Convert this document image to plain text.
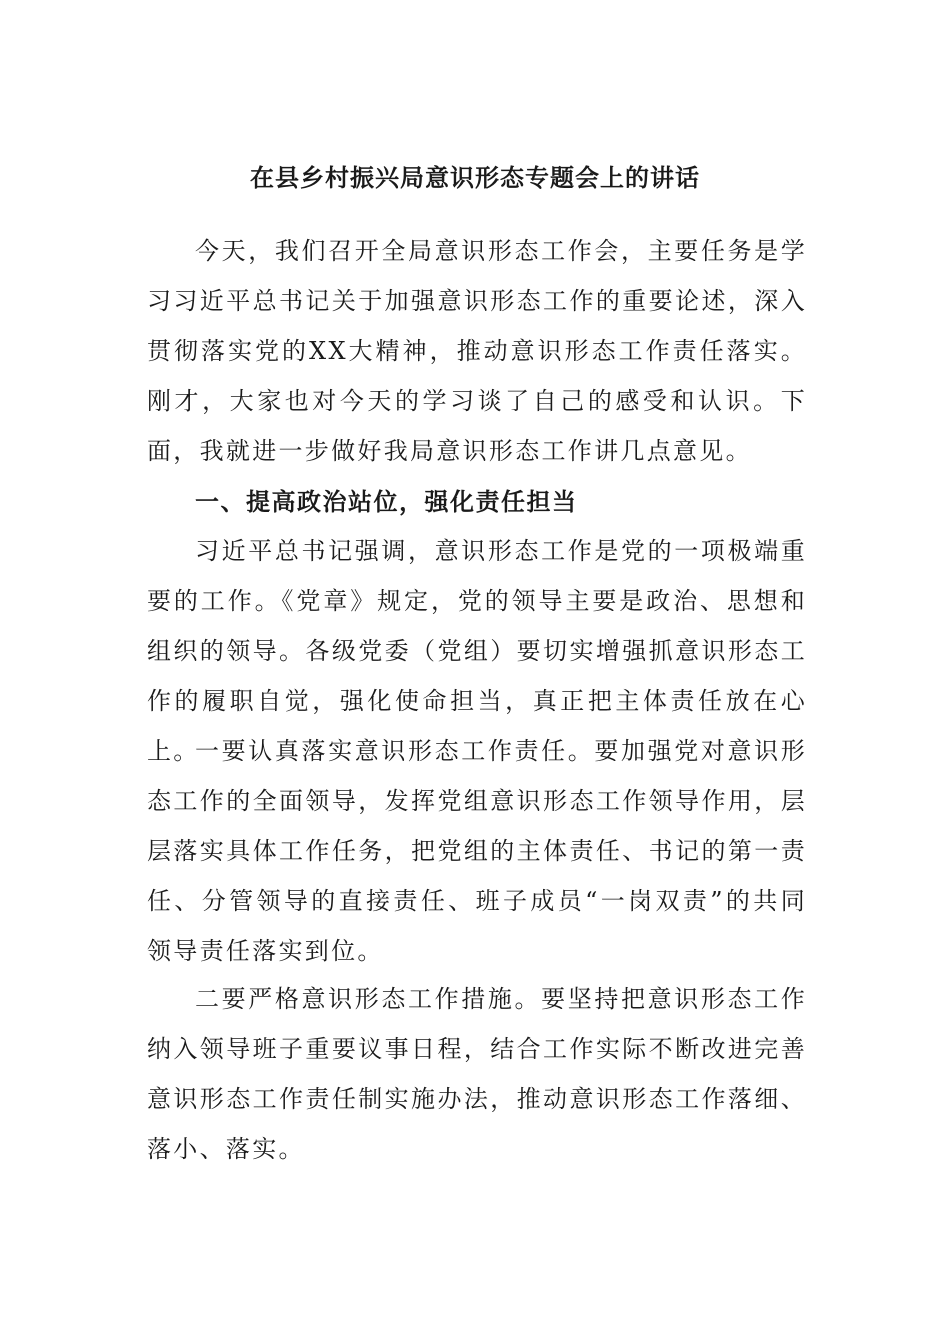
在县乡村振兴局意识形态专题会上的讲话

今天，我们召开全局意识形态工作会，主要任务是学习习近平总书记关于加强意识形态工作的重要论述，深入贯彻落实党的XX大精神，推动意识形态工作责任落实。刚才，大家也对今天的学习谈了自己的感受和认识。下面，我就进一步做好我局意识形态工作讲几点意见。

一、提高政治站位，强化责任担当

习近平总书记强调，意识形态工作是党的一项极端重要的工作。《党章》规定，党的领导主要是政治、思想和组织的领导。各级党委（党组）要切实增强抓意识形态工作的履职自觉，强化使命担当，真正把主体责任放在心上。

一要认真落实意识形态工作责任。要加强党对意识形态工作的全面领导，发挥党组意识形态工作领导作用，层层落实具体工作任务，把党组的主体责任、书记的第一责任、分管领导的直接责任、班子成员“一岗双责”的共同领导责任落实到位。

二要严格意识形态工作措施。要坚持把意识形态工作纳入领导班子重要议事日程，结合工作实际不断改进完善意识形态工作责任制实施办法，推动意识形态工作落细、落小、落实。
